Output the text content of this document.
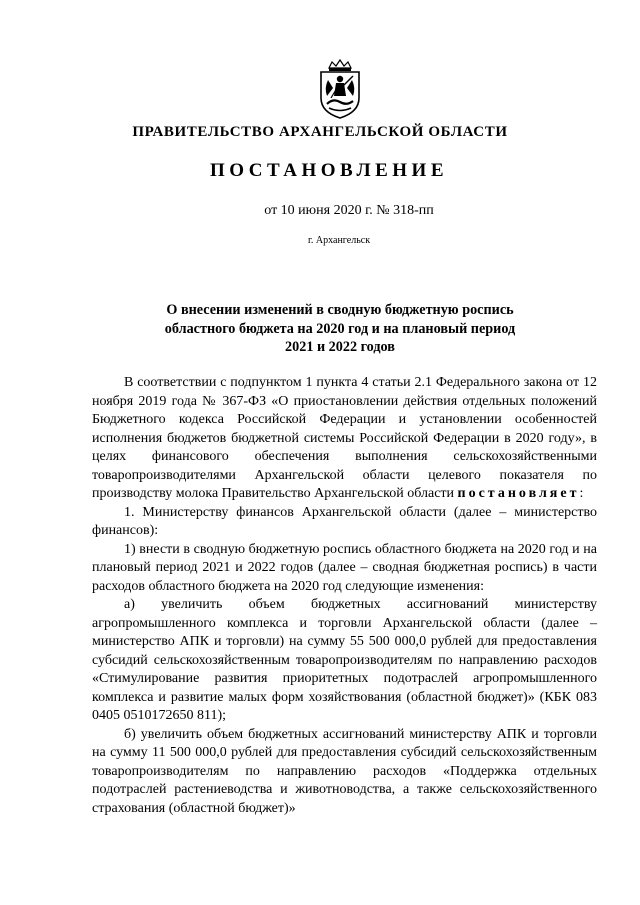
ПРАВИТЕЛЬСТВО АРХАНГЕЛЬСКОЙ ОБЛАСТИ
ПОСТАНОВЛЕНИЕ
от 10 июня 2020 г. № 318-пп
г. Архангельск
О внесении изменений в сводную бюджетную роспись
областного бюджета на 2020 год и на плановый период
2021 и 2022 годов

В соответствии с подпунктом 1 пункта 4 статьи 2.1 Федерального закона от 12 ноября 2019 года № 367-ФЗ «О приостановлении действия отдельных положений Бюджетного кодекса Российской Федерации и установлении особенностей исполнения бюджетов бюджетной системы Российской Федерации в 2020 году», в целях финансового обеспечения выполнения сельскохозяйственными товаропроизводителями Архангельской области целевого показателя по производству молока Правительство Архангельской области постановляет:

1. Министерству финансов Архангельской области (далее – министерство финансов):

1) внести в сводную бюджетную роспись областного бюджета на 2020 год и на плановый период 2021 и 2022 годов (далее – сводная бюджетная роспись) в части расходов областного бюджета на 2020 год следующие изменения:

а) увеличить объем бюджетных ассигнований министерству агропромышленного комплекса и торговли Архангельской области (далее – министерство АПК и торговли) на сумму 55 500 000,0 рублей для предоставления субсидий сельскохозяйственным товаропроизводителям по направлению расходов «Стимулирование развития приоритетных подотраслей агропромышленного комплекса и развитие малых форм хозяйствования (областной бюджет)» (КБК 083 0405 0510172650 811);

б) увеличить объем бюджетных ассигнований министерству АПК и торговли на сумму 11 500 000,0 рублей для предоставления субсидий сельскохозяйственным товаропроизводителям по направлению расходов «Поддержка отдельных подотраслей растениеводства и животноводства, а также сельскохозяйственного страхования (областной бюджет)»
